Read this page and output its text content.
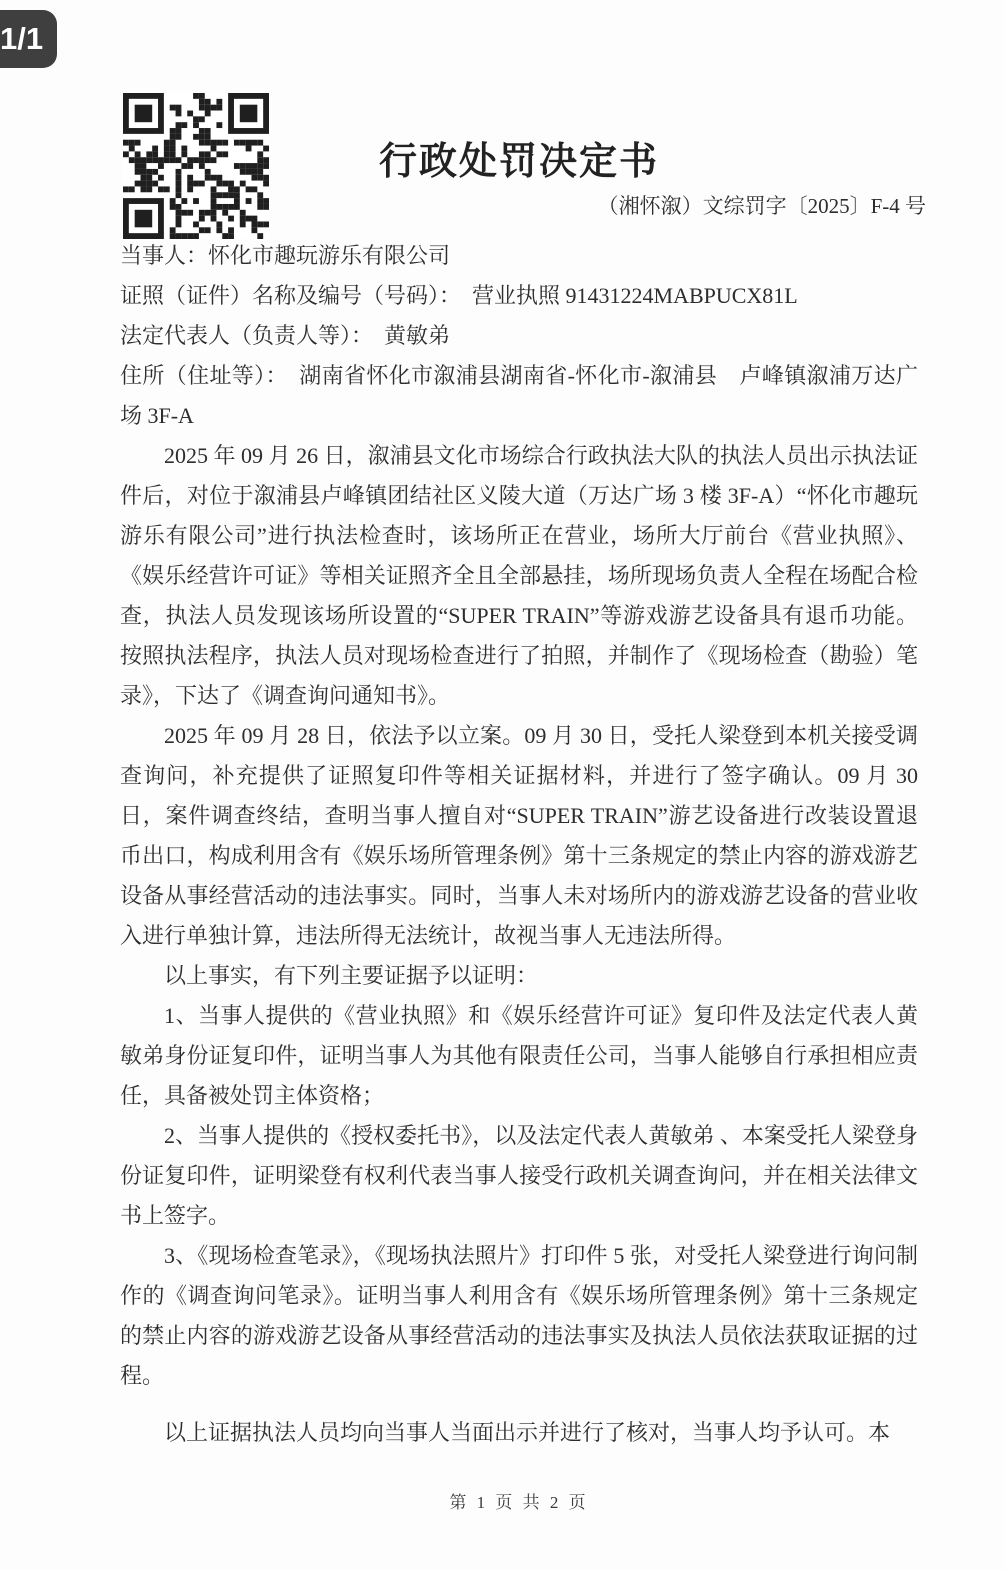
1/1
行政处罚决定书
（湘怀溆）文综罚字〔2025〕F-4 号

当事人：怀化市趣玩游乐有限公司

证照（证件）名称及编号（号码）：　营业执照 91431224MABPUCX81L

法定代表人（负责人等）：　黄敏弟

住所（住址等）：　湖南省怀化市溆浦县湖南省-怀化市-溆浦县　卢峰镇溆浦万达广场 3F-A

2025 年 09 月 26 日，溆浦县文化市场综合行政执法大队的执法人员出示执法证件后，对位于溆浦县卢峰镇团结社区义陵大道（万达广场 3 楼 3F-A）“怀化市趣玩游乐有限公司”进行执法检查时，该场所正在营业，场所大厅前台《营业执照》、《娱乐经营许可证》等相关证照齐全且全部悬挂，场所现场负责人全程在场配合检查，执法人员发现该场所设置的“SUPER TRAIN”等游戏游艺设备具有退币功能。按照执法程序，执法人员对现场检查进行了拍照，并制作了《现场检查（勘验）笔录》，下达了《调查询问通知书》。

2025 年 09 月 28 日，依法予以立案。09 月 30 日，受托人梁登到本机关接受调查询问，补充提供了证照复印件等相关证据材料，并进行了签字确认。09 月 30 日，案件调查终结，查明当事人擅自对“SUPER TRAIN”游艺设备进行改装设置退币出口，构成利用含有《娱乐场所管理条例》第十三条规定的禁止内容的游戏游艺设备从事经营活动的违法事实。同时，当事人未对场所内的游戏游艺设备的营业收入进行单独计算，违法所得无法统计，故视当事人无违法所得。

以上事实，有下列主要证据予以证明：

1、当事人提供的《营业执照》和《娱乐经营许可证》复印件及法定代表人黄敏弟身份证复印件，证明当事人为其他有限责任公司，当事人能够自行承担相应责任，具备被处罚主体资格；

2、当事人提供的《授权委托书》，以及法定代表人黄敏弟 、本案受托人梁登身份证复印件，证明梁登有权利代表当事人接受行政机关调查询问，并在相关法律文书上签字。

3、《现场检查笔录》，《现场执法照片》打印件 5 张，对受托人梁登进行询问制作的《调查询问笔录》。证明当事人利用含有《娱乐场所管理条例》第十三条规定的禁止内容的游戏游艺设备从事经营活动的违法事实及执法人员依法获取证据的过程。

以上证据执法人员均向当事人当面出示并进行了核对，当事人均予认可。本

第 1 页 共 2 页
